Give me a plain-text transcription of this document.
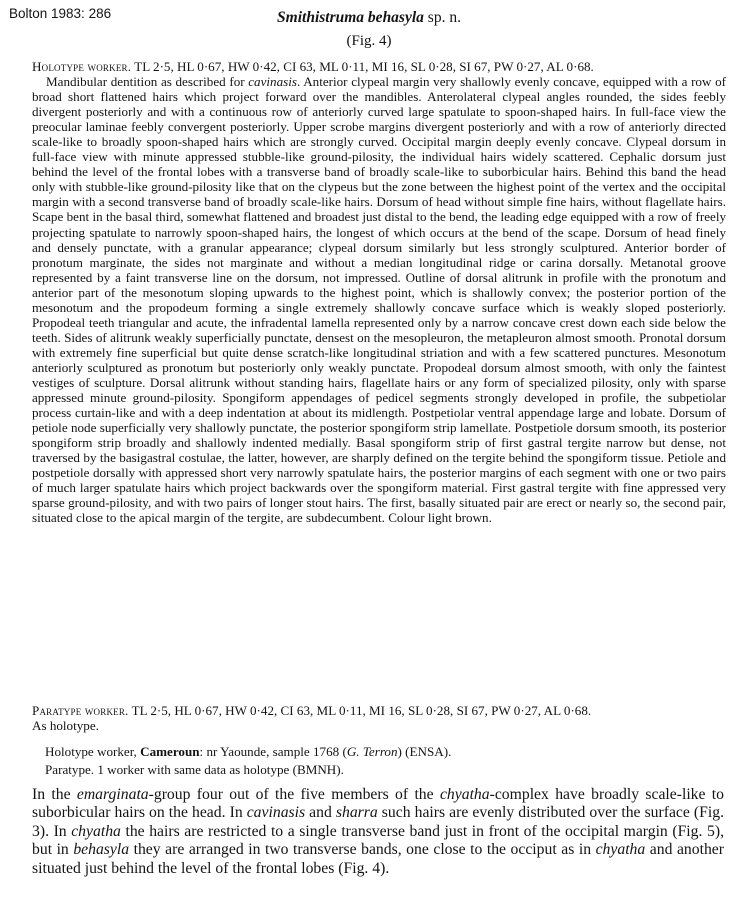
Bolton 1983: 286	Smithistruma behasyla sp. n.
(Fig. 4)

Holotype worker. TL 2·5, HL 0·67, HW 0·42, CI 63, ML 0·11, MI 16, SL 0·28, SI 67, PW 0·27, AL 0·68.

Mandibular dentition as described for cavinasis. Anterior clypeal margin very shallowly evenly concave, equipped with a row of broad short flattened hairs which project forward over the mandibles. Anterolateral clypeal angles rounded, the sides feebly divergent posteriorly and with a continuous row of anteriorly curved large spatulate to spoon-shaped hairs. In full-face view the preocular laminae feebly convergent posteriorly. Upper scrobe margins divergent posteriorly and with a row of anteriorly directed scale-like to broadly spoon-shaped hairs which are strongly curved. Occipital margin deeply evenly concave. Clypeal dorsum in full-face view with minute appressed stubble-like ground-pilosity, the individual hairs widely scattered. Cephalic dorsum just behind the level of the frontal lobes with a transverse band of broadly scale-like to suborbicular hairs. Behind this band the head only with stubble-like ground-pilosity like that on the clypeus but the zone between the highest point of the vertex and the occipital margin with a second transverse band of broadly scale-like hairs. Dorsum of head without simple fine hairs, without flagellate hairs. Scape bent in the basal third, somewhat flattened and broadest just distal to the bend, the leading edge equipped with a row of freely projecting spatulate to narrowly spoon-shaped hairs, the longest of which occurs at the bend of the scape. Dorsum of head finely and densely punctate, with a granular appearance; clypeal dorsum similarly but less strongly sculptured. Anterior border of pronotum marginate, the sides not marginate and without a median longitudinal ridge or carina dorsally. Metanotal groove represented by a faint transverse line on the dorsum, not impressed. Outline of dorsal alitrunk in profile with the pronotum and anterior part of the mesonotum sloping upwards to the highest point, which is shallowly convex; the posterior portion of the mesonotum and the propodeum forming a single extremely shallowly concave surface which is weakly sloped posteriorly. Propodeal teeth triangular and acute, the infradental lamella represented only by a narrow concave crest down each side below the teeth. Sides of alitrunk weakly superficially punctate, densest on the mesopleuron, the metapleuron almost smooth. Pronotal dorsum with extremely fine superficial but quite dense scratch-like longitudinal striation and with a few scattered punctures. Mesonotum anteriorly sculptured as pronotum but posteriorly only weakly punctate. Propodeal dorsum almost smooth, with only the faintest vestiges of sculpture. Dorsal alitrunk without standing hairs, flagellate hairs or any form of specialized pilosity, only with sparse appressed minute ground-pilosity. Spongiform appendages of pedicel segments strongly developed in profile, the subpetiolar process curtain-like and with a deep indentation at about its midlength. Postpetiolar ventral appendage large and lobate. Dorsum of petiole node superficially very shallowly punctate, the posterior spongiform strip lamellate. Postpetiole dorsum smooth, its posterior spongiform strip broadly and shallowly indented medially. Basal spongiform strip of first gastral tergite narrow but dense, not traversed by the basigastral costulae, the latter, however, are sharply defined on the tergite behind the spongiform tissue. Petiole and postpetiole dorsally with appressed short very narrowly spatulate hairs, the posterior margins of each segment with one or two pairs of much larger spatulate hairs which project backwards over the spongiform material. First gastral tergite with fine appressed very sparse ground-pilosity, and with two pairs of longer stout hairs. The first, basally situated pair are erect or nearly so, the second pair, situated close to the apical margin of the tergite, are subdecumbent. Colour light brown.

Paratype worker. TL 2·5, HL 0·67, HW 0·42, CI 63, ML 0·11, MI 16, SL 0·28, SI 67, PW 0·27, AL 0·68.

As holotype.

Holotype worker, Cameroun: nr Yaounde, sample 1768 (G. Terron) (ENSA).

Paratype. 1 worker with same data as holotype (BMNH).

In the emarginata-group four out of the five members of the chyatha-complex have broadly scale-like to suborbicular hairs on the head. In cavinasis and sharra such hairs are evenly distributed over the surface (Fig. 3). In chyatha the hairs are restricted to a single transverse band just in front of the occipital margin (Fig. 5), but in behasyla they are arranged in two transverse bands, one close to the occiput as in chyatha and another situated just behind the level of the frontal lobes (Fig. 4).
